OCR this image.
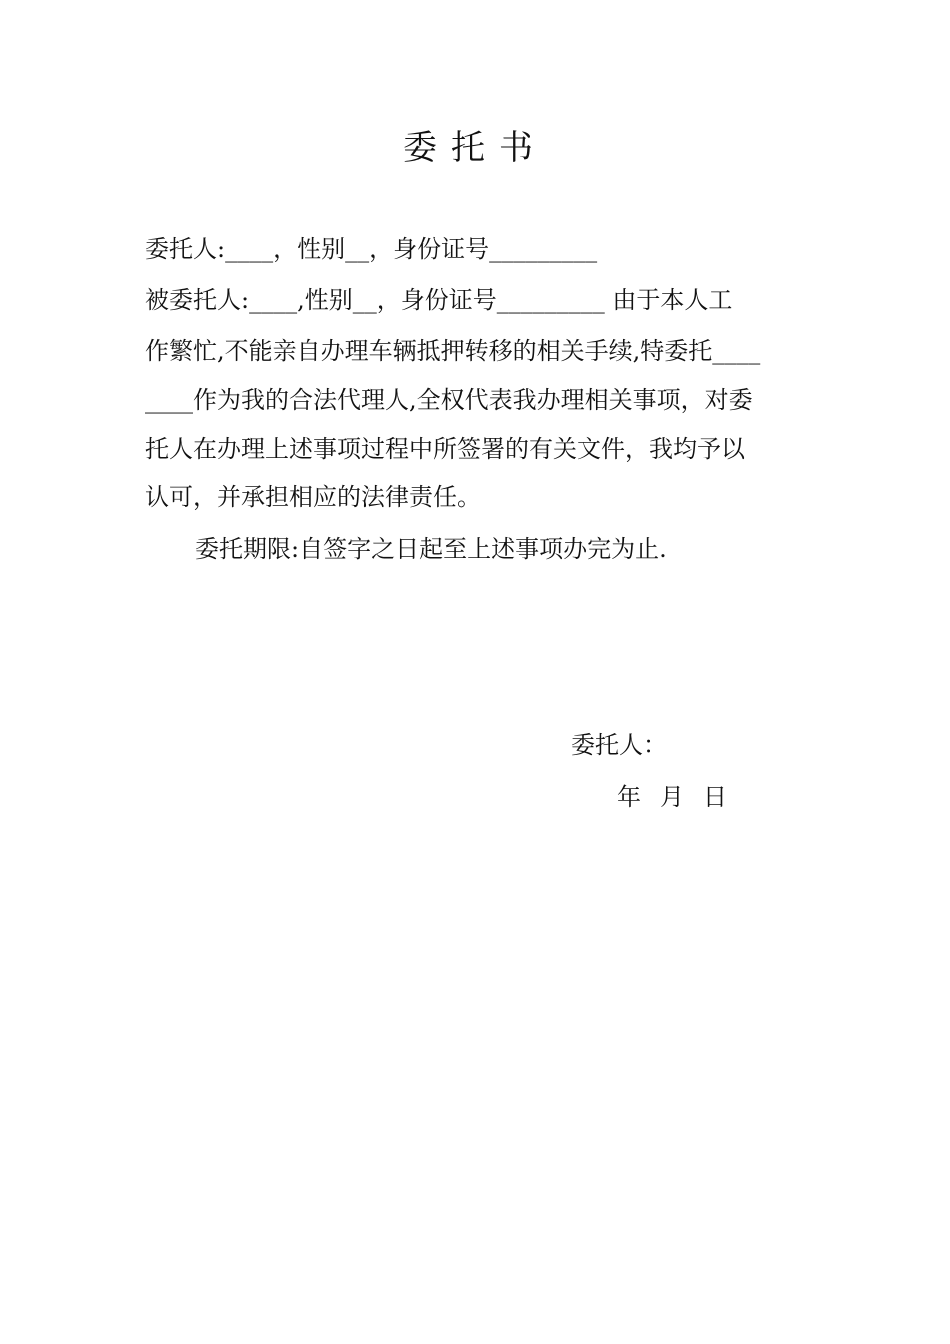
委托书
委托人:____，性别__，身份证号_________
被委托人:____,性别__，身份证号_________ 由于本人工
作繁忙,不能亲自办理车辆抵押转移的相关手续,特委托____
____作为我的合法代理人,全权代表我办理相关事项，对委
托人在办理上述事项过程中所签署的有关文件，我均予以
认可，并承担相应的法律责任。
委托期限:自签字之日起至上述事项办完为止.
委托人：
年 月 日
